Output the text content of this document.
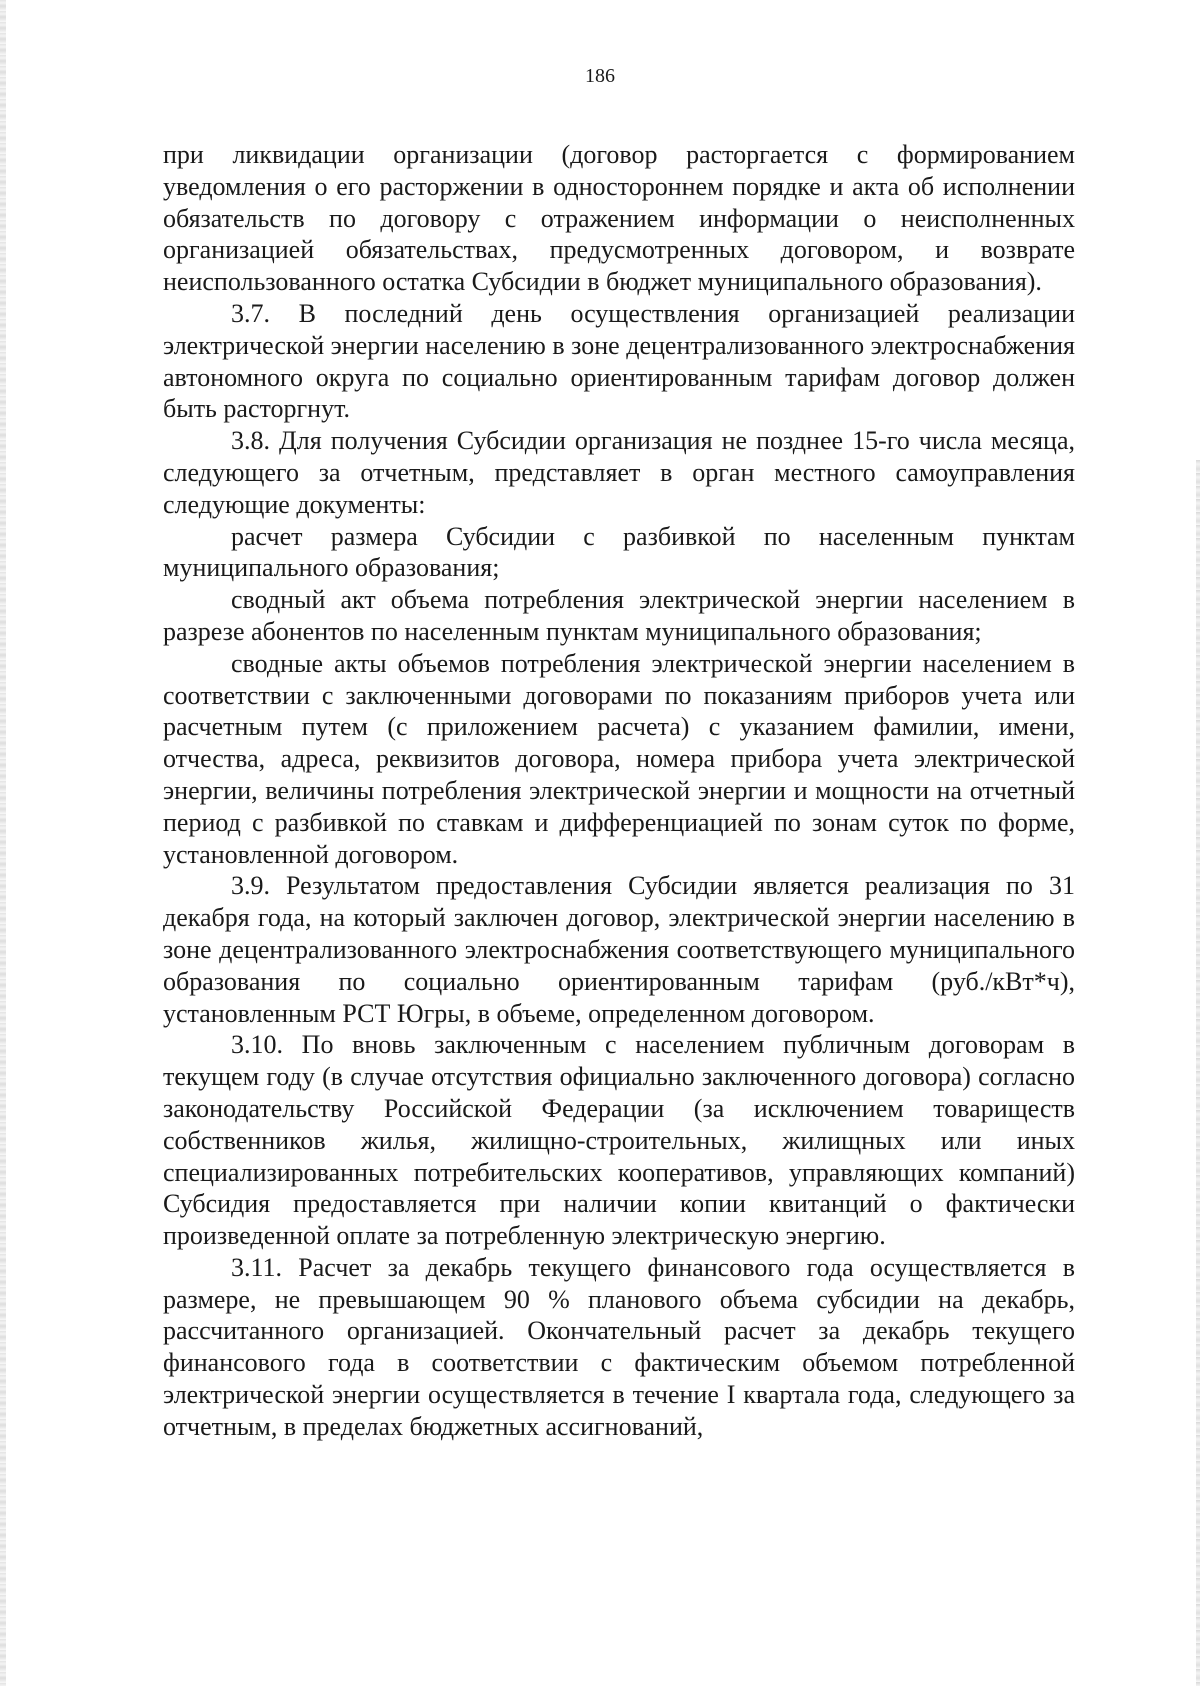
186

при ликвидации организации (договор расторгается с формированием уведомления о его расторжении в одностороннем порядке и акта об исполнении обязательств по договору с отражением информации о неисполненных организацией обязательствах, предусмотренных договором, и возврате неиспользованного остатка Субсидии в бюджет муниципального образования).

3.7. В последний день осуществления организацией реализации электрической энергии населению в зоне децентрализованного электроснабжения автономного округа по социально ориентированным тарифам договор должен быть расторгнут.

3.8. Для получения Субсидии организация не позднее 15-го числа месяца, следующего за отчетным, представляет в орган местного самоуправления следующие документы:

расчет размера Субсидии с разбивкой по населенным пунктам муниципального образования;

сводный акт объема потребления электрической энергии населением в разрезе абонентов по населенным пунктам муниципального образования;

сводные акты объемов потребления электрической энергии населением в соответствии с заключенными договорами по показаниям приборов учета или расчетным путем (с приложением расчета) с указанием фамилии, имени, отчества, адреса, реквизитов договора, номера прибора учета электрической энергии, величины потребления электрической энергии и мощности на отчетный период с разбивкой по ставкам и дифференциацией по зонам суток по форме, установленной договором.

3.9. Результатом предоставления Субсидии является реализация по 31 декабря года, на который заключен договор, электрической энергии населению в зоне децентрализованного электроснабжения соответствующего муниципального образования по социально ориентированным тарифам (руб./кВт*ч), установленным РСТ Югры, в объеме, определенном договором.

3.10. По вновь заключенным с населением публичным договорам в текущем году (в случае отсутствия официально заключенного договора) согласно законодательству Российской Федерации (за исключением товариществ собственников жилья, жилищно-строительных, жилищных или иных специализированных потребительских кооперативов, управляющих компаний) Субсидия предоставляется при наличии копии квитанций о фактически произведенной оплате за потребленную электрическую энергию.

3.11. Расчет за декабрь текущего финансового года осуществляется в размере, не превышающем 90 % планового объема субсидии на декабрь, рассчитанного организацией. Окончательный расчет за декабрь текущего финансового года в соответствии с фактическим объемом потребленной электрической энергии осуществляется в течение I квартала года, следующего за отчетным, в пределах бюджетных ассигнований,
